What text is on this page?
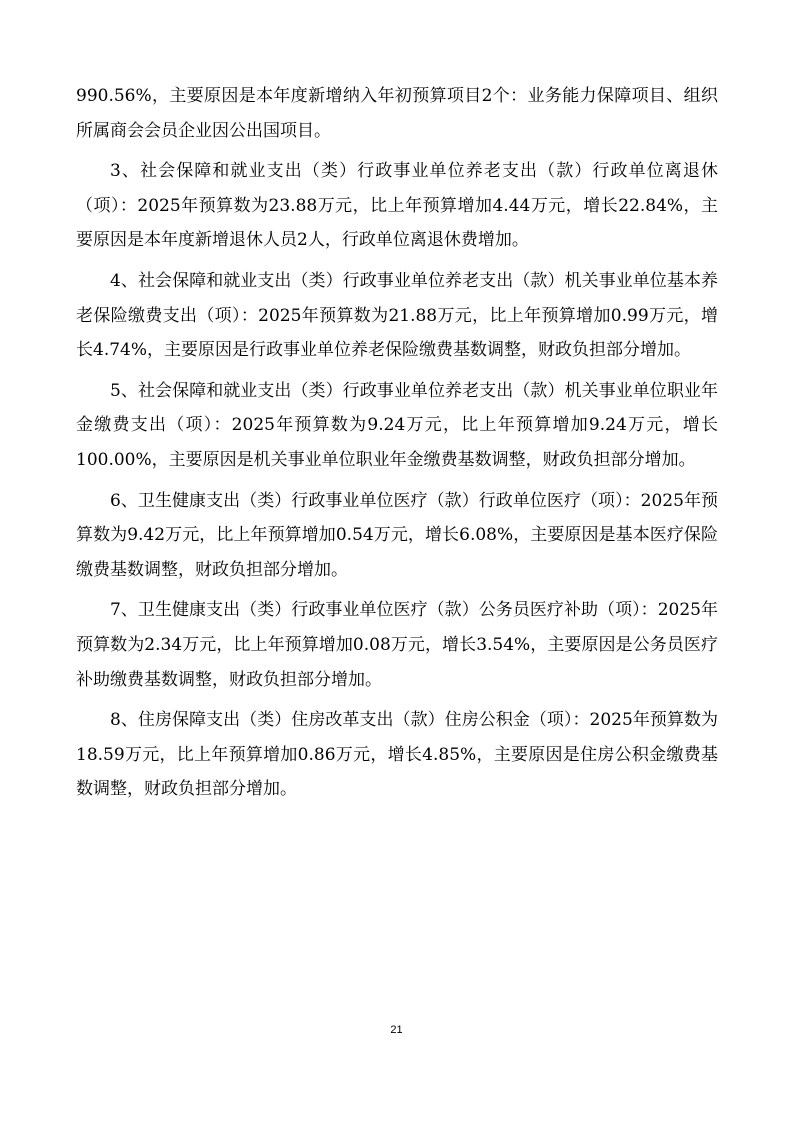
990.56%，主要原因是本年度新增纳入年初预算项目2个：业务能力保障项目、组织所属商会会员企业因公出国项目。

3、社会保障和就业支出（类）行政事业单位养老支出（款）行政单位离退休（项）：2025年预算数为23.88万元，比上年预算增加4.44万元，增长22.84%，主要原因是本年度新增退休人员2人，行政单位离退休费增加。

4、社会保障和就业支出（类）行政事业单位养老支出（款）机关事业单位基本养老保险缴费支出（项）：2025年预算数为21.88万元，比上年预算增加0.99万元，增长4.74%，主要原因是行政事业单位养老保险缴费基数调整，财政负担部分增加。

5、社会保障和就业支出（类）行政事业单位养老支出（款）机关事业单位职业年金缴费支出（项）：2025年预算数为9.24万元，比上年预算增加9.24万元，增长100.00%，主要原因是机关事业单位职业年金缴费基数调整，财政负担部分增加。

6、卫生健康支出（类）行政事业单位医疗（款）行政单位医疗（项）：2025年预算数为9.42万元，比上年预算增加0.54万元，增长6.08%，主要原因是基本医疗保险缴费基数调整，财政负担部分增加。

7、卫生健康支出（类）行政事业单位医疗（款）公务员医疗补助（项）：2025年预算数为2.34万元，比上年预算增加0.08万元，增长3.54%，主要原因是公务员医疗补助缴费基数调整，财政负担部分增加。

8、住房保障支出（类）住房改革支出（款）住房公积金（项）：2025年预算数为18.59万元，比上年预算增加0.86万元，增长4.85%，主要原因是住房公积金缴费基数调整，财政负担部分增加。

21
